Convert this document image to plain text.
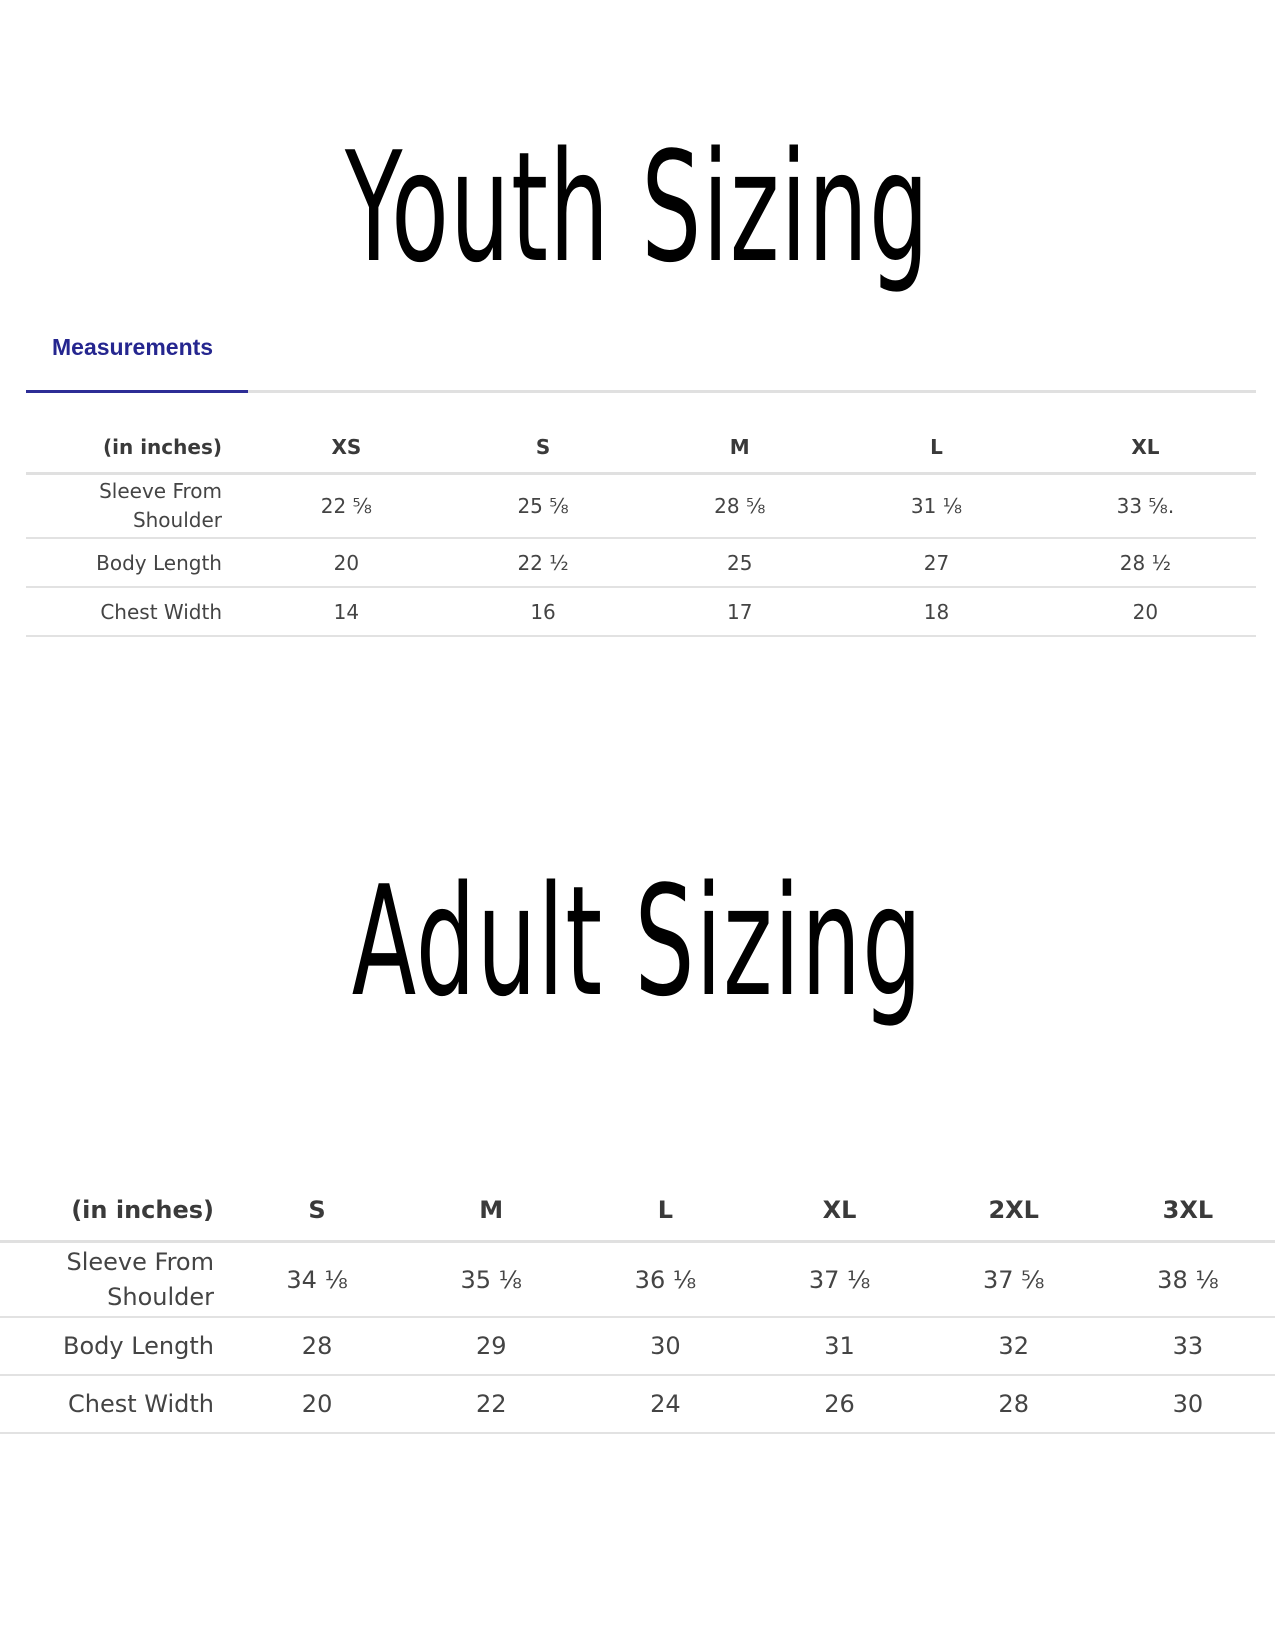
Youth Sizing
Measurements
(in inches)	XS	S	M	L	XL
Sleeve From
Shoulder	22 ⅝	25 ⅝	28 ⅝	31 ⅛	33 ⅝.
Body Length	20	22 ½	25	27	28 ½
Chest Width	14	16	17	18	20
Adult Sizing
(in inches)	S	M	L	XL	2XL	3XL
Sleeve From
Shoulder	34 ⅛	35 ⅛	36 ⅛	37 ⅛	37 ⅝	38 ⅛
Body Length	28	29	30	31	32	33
Chest Width	20	22	24	26	28	30
